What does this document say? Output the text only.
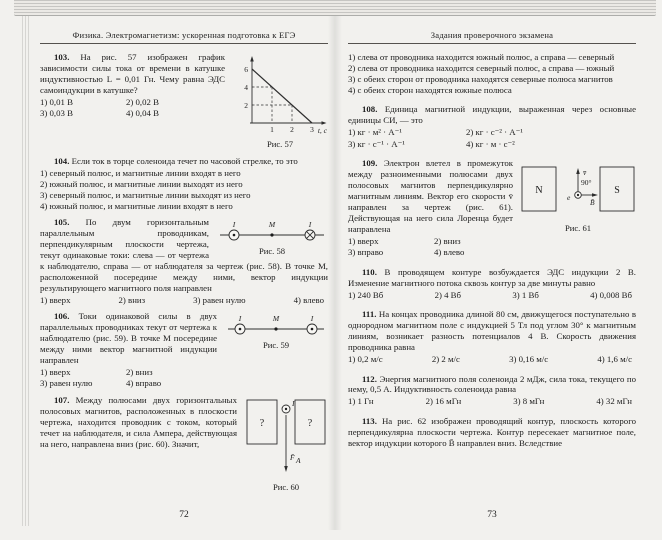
Физика. Электромагнетизм: ускоренная подготовка к ЕГЭ
6
4
2
1 2 3 t, c
Рис. 57

103. На рис. 57 изображен график зависимости силы тока от времени в катушке индуктивностью L = 0,01 Гн. Чему равна ЭДС самоиндукции в катушке?

1) 0,01 В	2) 0,02 В
3) 0,03 В	4) 0,04 В

104. Если ток в торце соленоида течет по часовой стрелке, то это

1) северный полюс, и магнитные линии входят в него
2) южный полюс, и магнитные линии выходят из него
3) северный полюс, и магнитные линии выходят из него
4) южный полюс, и магнитные линии входят в него
I	M	I
Рис. 58

105. По двум горизонтальным параллельным проводникам, перпендикулярным плоскости чертежа, текут одинаковые токи: слева — от чертежа к наблюдателю, справа — от наблюдателя за чертеж (рис. 58). В точке M, расположенной посередине между ними, вектор индукции результирующего магнитного поля направлен

1) вверх	2) вниз	3) равен нулю	4) влево
I	M	I
Рис. 59

106. Токи одинаковой силы в двух параллельных проводниках текут от чертежа к наблюдателю (рис. 59). В точке M посередине между ними вектор магнитной индукции направлен

1) вверх	2) вниз
3) равен нулю	4) вправо
?	?
I
F̄ A
Рис. 60

107. Между полюсами двух горизонтальных полосовых магнитов, расположенных в плоскости чертежа, находится проводник с током, который течет на наблюдателя, и сила Ампера, действующая на него, направлена вниз (рис. 60). Значит,

72
Задания проверочного экзамена
1) слева от проводника находится южный полюс, а справа — северный
2) слева от проводника находится северный полюс, а справа — южный
3) с обеих сторон от проводника находятся северные полюса магнитов
4) с обеих сторон находятся южные полюса

108. Единица магнитной индукции, выраженная через основные единицы СИ, — это

1) кг · м² · А⁻¹	2) кг · с⁻² · А⁻¹
3) кг · с⁻¹ · А⁻¹	4) кг · м · с⁻²
N	S
v̄
90°
B̄
e
Рис. 61

109. Электрон влетел в промежуток между разноименными полюсами двух полосовых магнитов перпендикулярно магнитным линиям. Вектор его скорости v̄ направлен за чертеж (рис. 61). Действующая на него сила Лоренца будет направлена

1) вверх	2) вниз
3) вправо	4) влево

110. В проводящем контуре возбуждается ЭДС индукции 2 В. Изменение магнитного потока сквозь контур за две минуты равно

1) 240 Вб	2) 4 Вб	3) 1 Вб	4) 0,008 Вб

111. На концах проводника длиной 80 см, движущегося поступательно в однородном магнитном поле с индукцией 5 Тл под углом 30° к магнитным линиям, возникает разность потенциалов 4 В. Скорость движения проводника равна

1) 0,2 м/с	2) 2 м/с	3) 0,16 м/с	4) 1,6 м/с

112. Энергия магнитного поля соленоида 2 мДж, сила тока, текущего по нему, 0,5 А. Индуктивность соленоида равна

1) 1 Гн	2) 16 мГн	3) 8 мГн	4) 32 мГн

113. На рис. 62 изображен проводящий контур, плоскость которого перпендикулярна плоскости чертежа. Контур пересекает магнитное поле, вектор индукции которого B̄ направлен вниз. Вследствие

73
